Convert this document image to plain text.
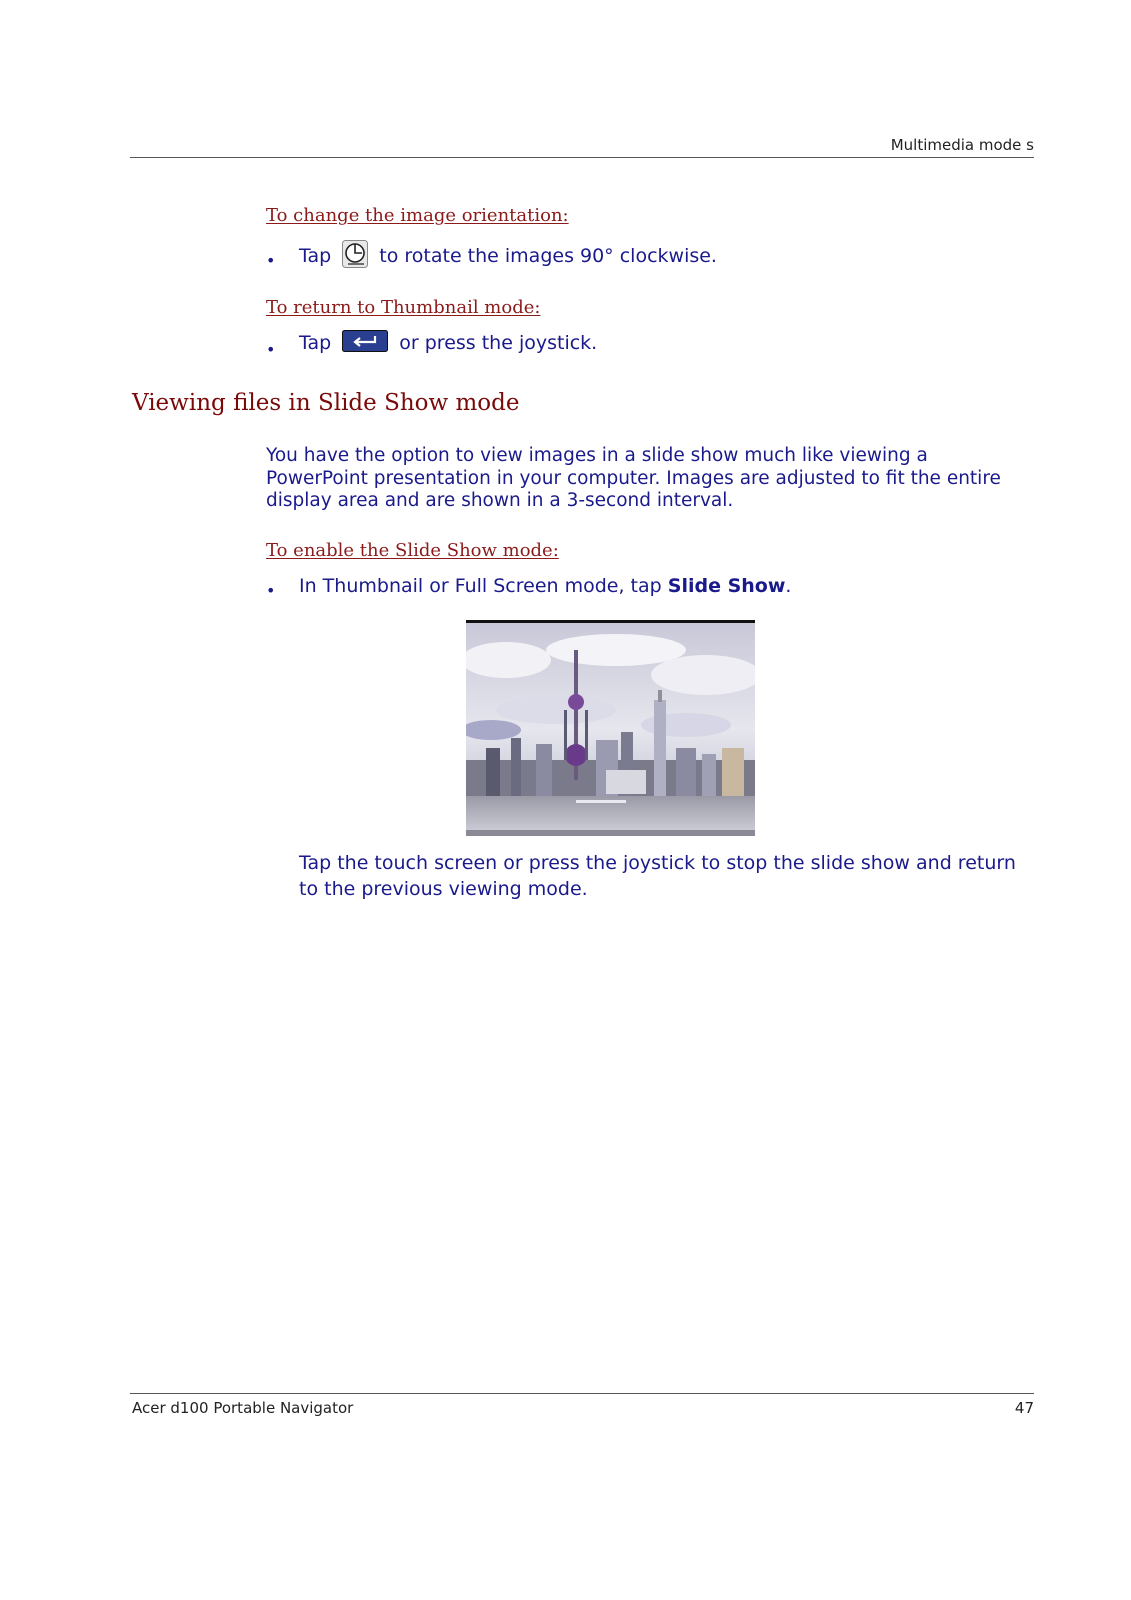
Multimedia mode s
To change the image orientation:
• Tap	to rotate the images 90° clockwise.
To return to Thumbnail mode:
• Tap	or press the joystick.
Viewing files in Slide Show mode
You have the option to view images in a slide show much like viewing a PowerPoint presentation in your computer. Images are adjusted to fit the entire display area and are shown in a 3-second interval.
To enable the Slide Show mode:
• In Thumbnail or Full Screen mode, tap Slide Show.
Tap the touch screen or press the joystick to stop the slide show and return to the previous viewing mode.
Acer d100 Portable Navigator	47
